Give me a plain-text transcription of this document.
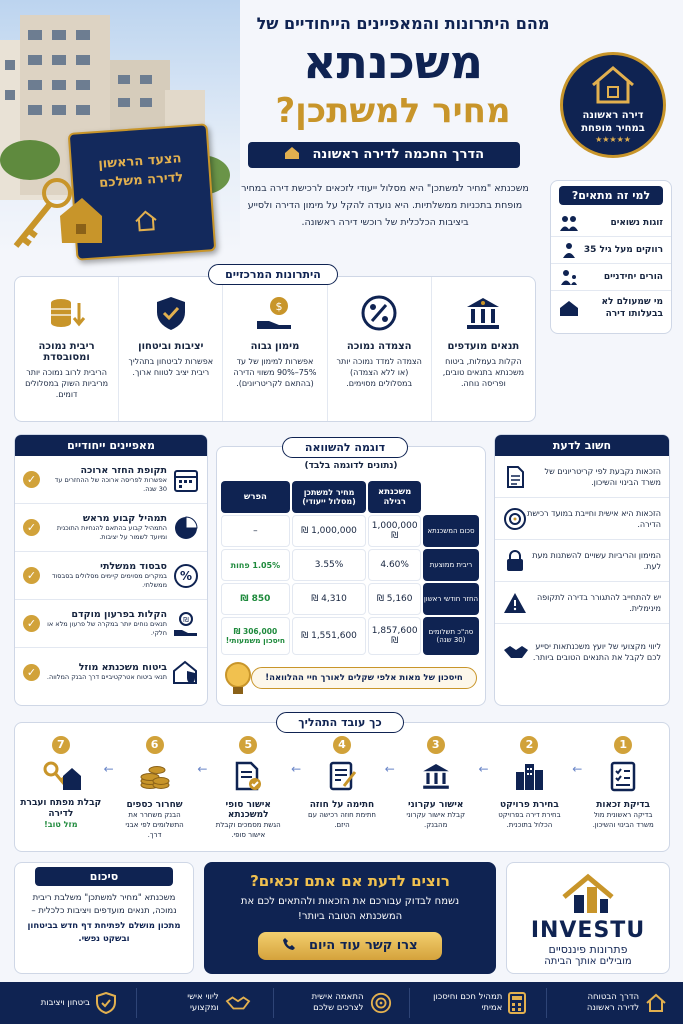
הצעד הראשון לדירה משלכם
מהם היתרונות והמאפיינים הייחודיים של
משכנתא
מחיר למשתכן?
הדרך החכמה לדירה ראשונה
דירה ראשונה במחיר מופחת
★★★★★
משכנתא "מחיר למשתכן" היא מסלול ייעודי לזכאים לרכישת דירה במחיר מופחת בתכניות ממשלתיות. היא נועדה להקל על מימון הדירה ולסייע ביציבות הכלכלית של רוכשי דירה ראשונה.
למי זה מתאים?
זוגות נשואים
רווקים מעל גיל 35
הורים יחידניים
מי שמעולם לא בבעלותו דירה
תנאים מועדפים
הקלות בעמלות, ביטוח משכנתא בתנאים טובים, ופריסה נוחה.
הצמדה נמוכה
הצמדה למדד נמוכה יותר (או ללא הצמדה) במסלולים מסוימים.
$
מימון גבוה
אפשרות למימון של עד 75%–90% משווי הדירה (בהתאם לקריטריונים).
יציבות וביטחון
אפשרות לביטחון בתהליך ריבית יציב לטווח ארוך.
ריבית נמוכה ומסובסדת
הריבית לרוב נמוכה יותר מריביות השוק במסלולים דומים.
היתרונות המרכזיים
מאפיינים ייחודיים
תקופת החזר ארוכה
אפשרות לפריסה ארוכה של ההחזרים עד 30 שנה.
✓
תמהיל קבוע מראש
התמהיל קבוע בהתאם להנחיות התוכנית ומיועד לשמור על יציבות.
✓
%
סבסוד ממשלתי
במקרים מסוימים קיימים מסלולים בסבסוד ממשלתי.
✓
₪
הקלות בפרעון מוקדם
תנאים נוחים יותר במקרה של פרעון מלא או חלקי.
✓
ביטוח משכנתא מוזל
תנאי ביטוח אטרקטיביים דרך הבנק המלווה.
✓
(נתונים לדוגמה בלבד)
	משכנתא רגילה	מחיר למשתכן (מסלול ייעודי)	הפרש
סכום המשכנתא	1,000,000 ₪	1,000,000 ₪	–
ריבית ממוצעת	4.60%	3.55%	1.05% פחות
החזר חודשי ראשון	5,160 ₪	4,310 ₪	850 ₪
סה"כ תשלומים (30 שנה)	1,857,600 ₪	1,551,600 ₪	306,000 ₪ חיסכון משמעותי!
חיסכון של מאות אלפי שקלים לאורך חיי ההלוואה!
דוגמה להשוואה	חשוב לדעת
הזכאות נקבעת לפי קריטריונים של משרד הבינוי והשיכון.
הזכאות היא אישית וחייבת במועד רכישת הדירה.
המימון והריביות עשויים להשתנות מעת לעת.
יש להתחייב להתגורר בדירה לתקופה מינימלית.
ליווי מקצועי של יועץ משכנתאות יסייע לכם לקבל את התנאים הטובים ביותר.
כך עובד התהליך
1
בדיקת זכאות
בדיקה ראשונית מול משרד הבינוי והשיכון.
←
2
בחירת פרויקט
בחירת דירה בפרויקט הכלול בתוכנית.
←
3
אישור עקרוני
קבלת אישור עקרוני מהבנק.
←
4
חתימה על חוזה
חתימת חוזה רכישה עם היזם.
←
5
אישור סופי למשכנתא
הגשת מסמכים וקבלת אישור סופי.
←
6
שחרור כספים
הבנק משחרר את התשלומים לפי אבני דרך.
←
7
קבלת מפתח ועברת לדירה
מזל טוב!
סיכום
משכנתא "מחיר למשתכן" משלבת ריבית נמוכה, תנאים מועדפים ויציבות כלכלית –
מתכון מושלם לפתיחת דף חדש בביטחון ובשקט נפשי.
רוצים לדעת אם אתם זכאים?
נשמח לבדוק עבורכם את הזכאות ולהתאים לכם את המשכנתא הטובה ביותר!
צרו קשר עוד היום
INVESTU
פתרונות פיננסיים
מובילים אותך הביתה
הדרך הבטוחה לדירה ראשונה
תמהיל חכם וחיסכון אמיתי
התאמה אישית לצרכים שלכם
ליווי אישי ומקצועי
ביטחון ויציבות
